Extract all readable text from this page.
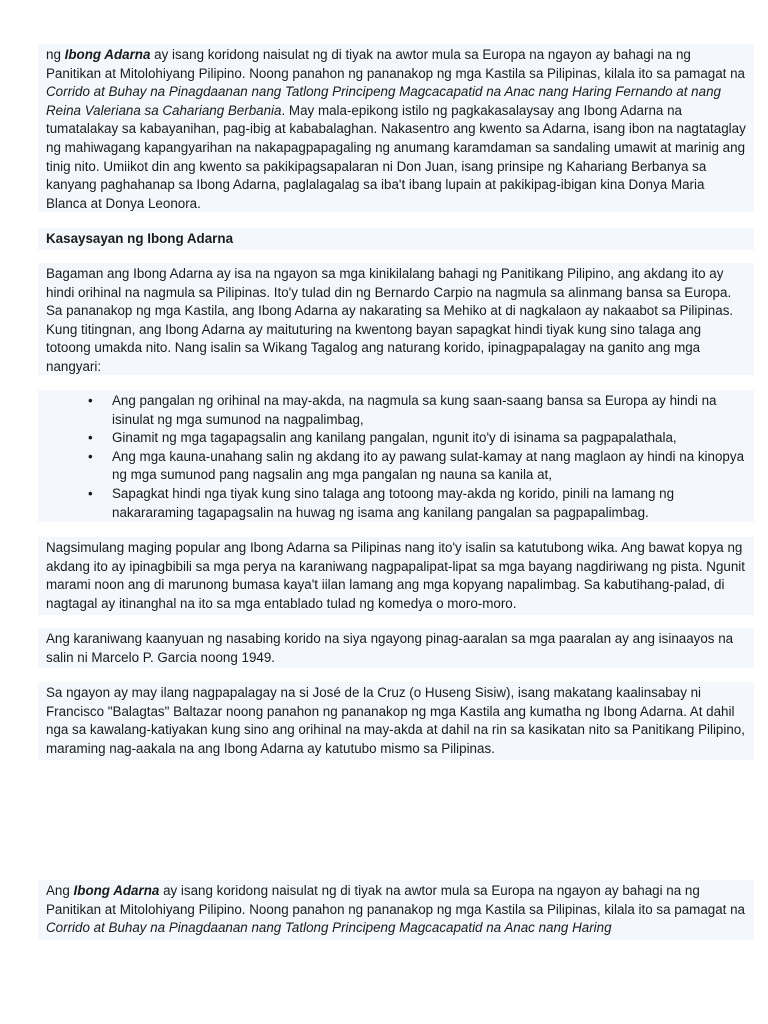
ng Ibong Adarna ay isang koridong naisulat ng di tiyak na awtor mula sa Europa na ngayon ay bahagi na ng Panitikan at Mitolohiyang Pilipino. Noong panahon ng pananakop ng mga Kastila sa Pilipinas, kilala ito sa pamagat na Corrido at Buhay na Pinagdaanan nang Tatlong Principeng Magcacapatid na Anac nang Haring Fernando at nang Reina Valeriana sa Cahariang Berbania. May mala-epikong istilo ng pagkakasalaysay ang Ibong Adarna na tumatalakay sa kabayanihan, pag-ibig at kababalaghan. Nakasentro ang kwento sa Adarna, isang ibon na nagtataglay ng mahiwagang kapangyarihan na nakapagpapagaling ng anumang karamdaman sa sandaling umawit at marinig ang tinig nito. Umiikot din ang kwento sa pakikipagsapalaran ni Don Juan, isang prinsipe ng Kahariang Berbanya sa kanyang paghahanap sa Ibong Adarna, paglalagalag sa iba't ibang lupain at pakikipag-ibigan kina Donya Maria Blanca at Donya Leonora.

Kasaysayan ng Ibong Adarna

Bagaman ang Ibong Adarna ay isa na ngayon sa mga kinikilalang bahagi ng Panitikang Pilipino, ang akdang ito ay hindi orihinal na nagmula sa Pilipinas. Ito'y tulad din ng Bernardo Carpio na nagmula sa alinmang bansa sa Europa. Sa pananakop ng mga Kastila, ang Ibong Adarna ay nakarating sa Mehiko at di nagkalaon ay nakaabot sa Pilipinas. Kung titingnan, ang Ibong Adarna ay maituturing na kwentong bayan sapagkat hindi tiyak kung sino talaga ang totoong umakda nito. Nang isalin sa Wikang Tagalog ang naturang korido, ipinagpapalagay na ganito ang mga nangyari:

• Ang pangalan ng orihinal na may-akda, na nagmula sa kung saan-saang bansa sa Europa ay hindi na isinulat ng mga sumunod na nagpalimbag,
• Ginamit ng mga tagapagsalin ang kanilang pangalan, ngunit ito'y di isinama sa pagpapalathala,
• Ang mga kauna-unahang salin ng akdang ito ay pawang sulat-kamay at nang maglaon ay hindi na kinopya ng mga sumunod pang nagsalin ang mga pangalan ng nauna sa kanila at,
• Sapagkat hindi nga tiyak kung sino talaga ang totoong may-akda ng korido, pinili na lamang ng nakararaming tagapagsalin na huwag ng isama ang kanilang pangalan sa pagpapalimbag.

Nagsimulang maging popular ang Ibong Adarna sa Pilipinas nang ito'y isalin sa katutubong wika. Ang bawat kopya ng akdang ito ay ipinagbibili sa mga perya na karaniwang nagpapalipat-lipat sa mga bayang nagdiriwang ng pista. Ngunit marami noon ang di marunong bumasa kaya't iilan lamang ang mga kopyang napalimbag. Sa kabutihang-palad, di nagtagal ay itinanghal na ito sa mga entablado tulad ng komedya o moro-moro.

Ang karaniwang kaanyuan ng nasabing korido na siya ngayong pinag-aaralan sa mga paaralan ay ang isinaayos na salin ni Marcelo P. Garcia noong 1949.

Sa ngayon ay may ilang nagpapalagay na si José de la Cruz (o Huseng Sisiw), isang makatang kaalinsabay ni Francisco "Balagtas" Baltazar noong panahon ng pananakop ng mga Kastila ang kumatha ng Ibong Adarna. At dahil nga sa kawalang-katiyakan kung sino ang orihinal na may-akda at dahil na rin sa kasikatan nito sa Panitikang Pilipino, maraming nag-aakala na ang Ibong Adarna ay katutubo mismo sa Pilipinas.

Ang Ibong Adarna ay isang koridong naisulat ng di tiyak na awtor mula sa Europa na ngayon ay bahagi na ng Panitikan at Mitolohiyang Pilipino. Noong panahon ng pananakop ng mga Kastila sa Pilipinas, kilala ito sa pamagat na Corrido at Buhay na Pinagdaanan nang Tatlong Principeng Magcacapatid na Anac nang Haring
